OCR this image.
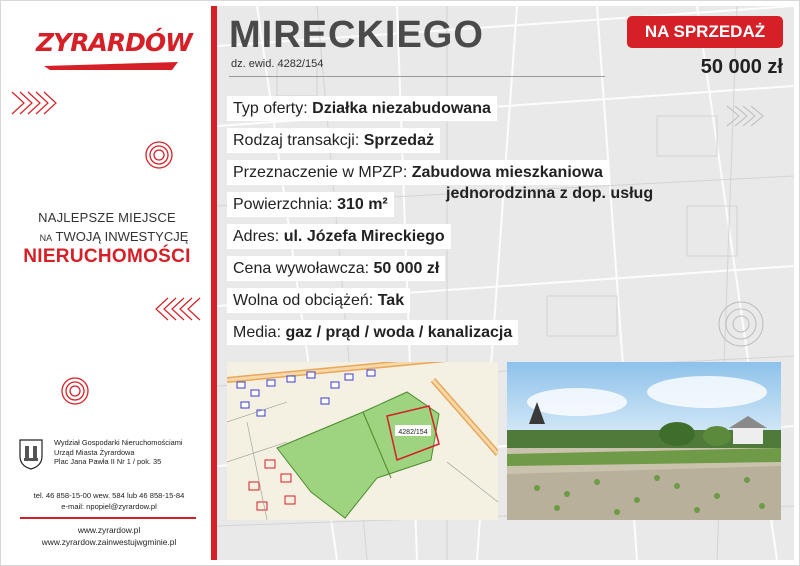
ZYRARDÓW
NAJLEPSZE MIEJSCE
NA TWOJĄ INWESTYCJĘ
NIERUCHOMOŚCI
Wydział Gospodarki Nieruchomościami
Urząd Miasta Żyrardowa
Plac Jana Pawła II Nr 1 / pok. 35
tel. 46 858-15-00 wew. 584 lub 46 858-15-84
e-mail: npopiel@zyrardow.pl
www.zyrardow.pl
www.zyrardow.zainwestujwgminie.pl
MIRECKIEGO
dz. ewid. 4282/154
NA SPRZEDAŻ
50 000 zł
Typ oferty: Działka niezabudowana
Rodzaj transakcji: Sprzedaż
Przeznaczenie w MPZP: Zabudowa mieszkaniowa
jednorodzinna z dop. usług
Powierzchnia: 310 m²
Adres: ul. Józefa Mireckiego
Cena wywoławcza: 50 000 zł
Wolna od obciążeń: Tak
Media: gaz / prąd / woda / kanalizacja
4282/154
